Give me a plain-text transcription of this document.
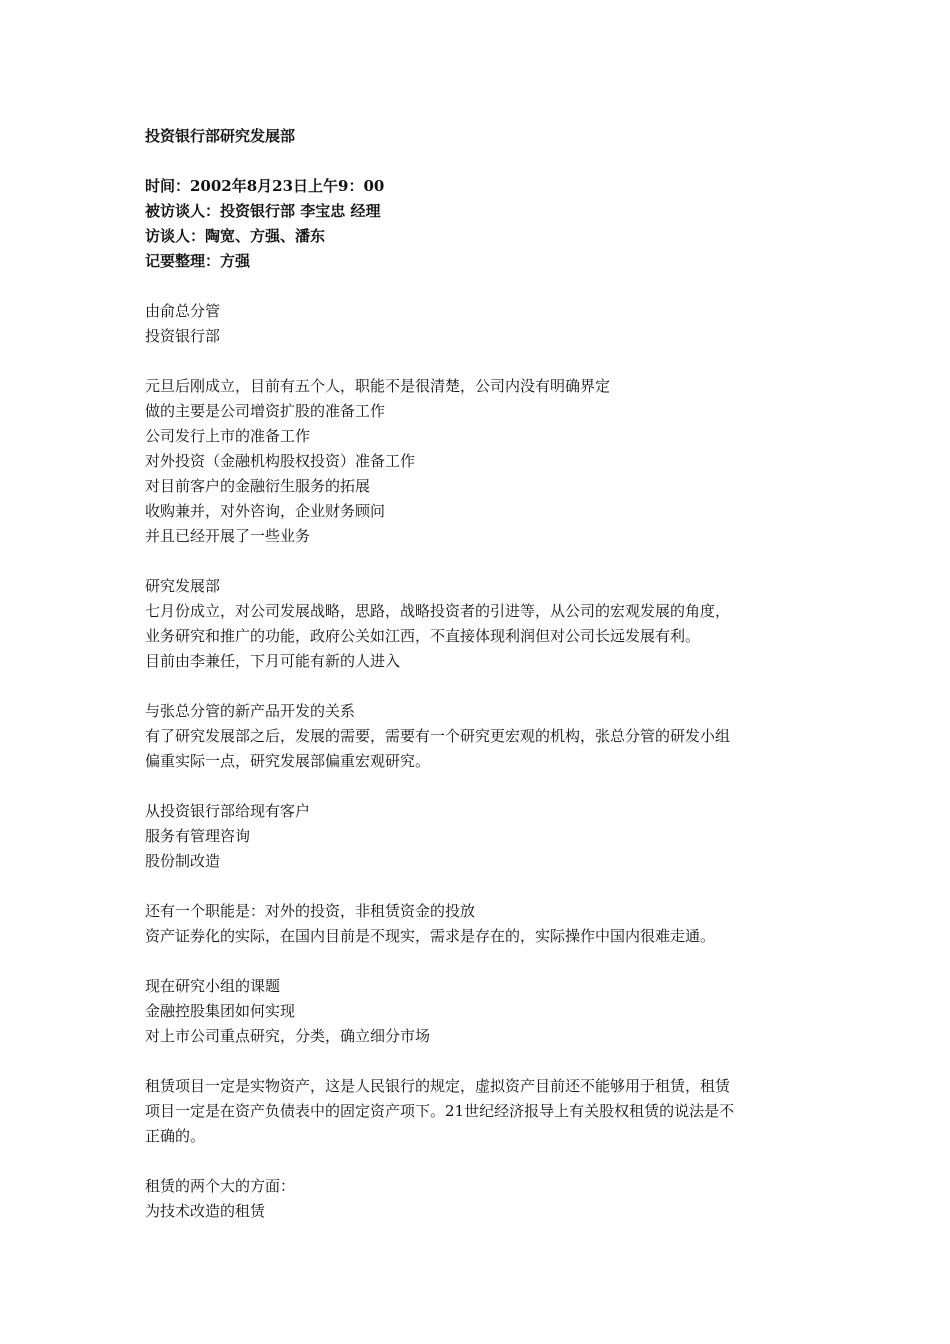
投资银行部研究发展部
时间：2002年8月23日上午9：00
被访谈人：投资银行部 李宝忠 经理
访谈人：陶宽、方强、潘东
记要整理：方强
由俞总分管
投资银行部
元旦后刚成立，目前有五个人，职能不是很清楚，公司内没有明确界定
做的主要是公司增资扩股的准备工作
公司发行上市的准备工作
对外投资（金融机构股权投资）准备工作
对目前客户的金融衍生服务的拓展
收购兼并，对外咨询，企业财务顾问
并且已经开展了一些业务
研究发展部
七月份成立，对公司发展战略，思路，战略投资者的引进等，从公司的宏观发展的角度，
业务研究和推广的功能，政府公关如江西，不直接体现利润但对公司长远发展有利。
目前由李兼任，下月可能有新的人进入
与张总分管的新产品开发的关系
有了研究发展部之后，发展的需要，需要有一个研究更宏观的机构，张总分管的研发小组
偏重实际一点，研究发展部偏重宏观研究。
从投资银行部给现有客户
服务有管理咨询
股份制改造
还有一个职能是：对外的投资，非租赁资金的投放
资产证券化的实际，在国内目前是不现实，需求是存在的，实际操作中国内很难走通。
现在研究小组的课题
金融控股集团如何实现
对上市公司重点研究，分类，确立细分市场
租赁项目一定是实物资产，这是人民银行的规定，虚拟资产目前还不能够用于租赁，租赁
项目一定是在资产负债表中的固定资产项下。21世纪经济报导上有关股权租赁的说法是不
正确的。
租赁的两个大的方面：
为技术改造的租赁
